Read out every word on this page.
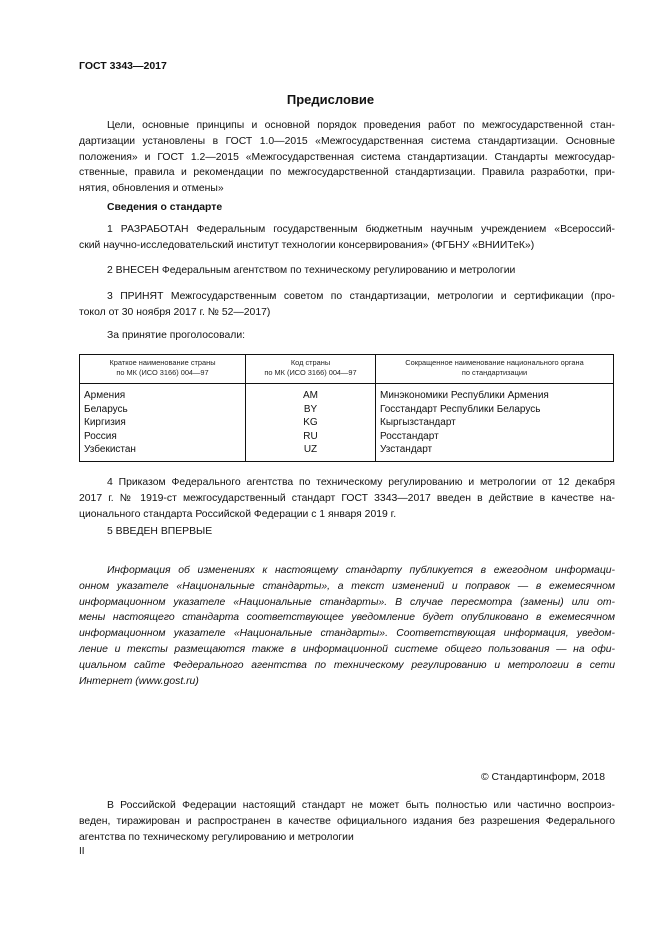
ГОСТ 3343—2017
Предисловие
Цели, основные принципы и основной порядок проведения работ по межгосударственной стан-
дартизации установлены в ГОСТ 1.0—2015 «Межгосударственная система стандартизации. Основные
положения» и ГОСТ 1.2—2015 «Межгосударственная система стандартизации. Стандарты межгосудар-
ственные, правила и рекомендации по межгосударственной стандартизации. Правила разработки, при-
нятия, обновления и отмены»
Сведения о стандарте
1 РАЗРАБОТАН Федеральным государственным бюджетным научным учреждением «Всероссий-
ский научно-исследовательский институт технологии консервирования» (ФГБНУ «ВНИИТеК»)
2 ВНЕСЕН Федеральным агентством по техническому регулированию и метрологии
3 ПРИНЯТ Межгосударственным советом по стандартизации, метрологии и сертификации (про-
токол от 30 ноября 2017 г. № 52—2017)
За принятие проголосовали:
Краткое наименование страны
по МК (ИСО 3166) 004—97	Код страны
по МК (ИСО 3166) 004—97	Сокращенное наименование национального органа
по стандартизации
Армения	AM	Минэкономики Республики Армения
Беларусь	BY	Госстандарт Республики Беларусь
Киргизия	KG	Кыргызстандарт
Россия	RU	Росстандарт
Узбекистан	UZ	Узстандарт
4 Приказом Федерального агентства по техническому регулированию и метрологии от 12 декабря
2017 г. № 1919-ст межгосударственный стандарт ГОСТ 3343—2017 введен в действие в качестве на-
ционального стандарта Российской Федерации с 1 января 2019 г.
5 ВВЕДЕН ВПЕРВЫЕ
Информация об изменениях к настоящему стандарту публикуется в ежегодном информаци-
онном указателе «Национальные стандарты», а текст изменений и поправок — в ежемесячном
информационном указателе «Национальные стандарты». В случае пересмотра (замены) или от-
мены настоящего стандарта соответствующее уведомление будет опубликовано в ежемесячном
информационном указателе «Национальные стандарты». Соответствующая информация, уведом-
ление и тексты размещаются также в информационной системе общего пользования — на офи-
циальном сайте Федерального агентства по техническому регулированию и метрологии в сети
Интернет (www.gost.ru)
© Стандартинформ, 2018
В Российской Федерации настоящий стандарт не может быть полностью или частично воспроиз-
веден, тиражирован и распространен в качестве официального издания без разрешения Федерального
агентства по техническому регулированию и метрологии
II
